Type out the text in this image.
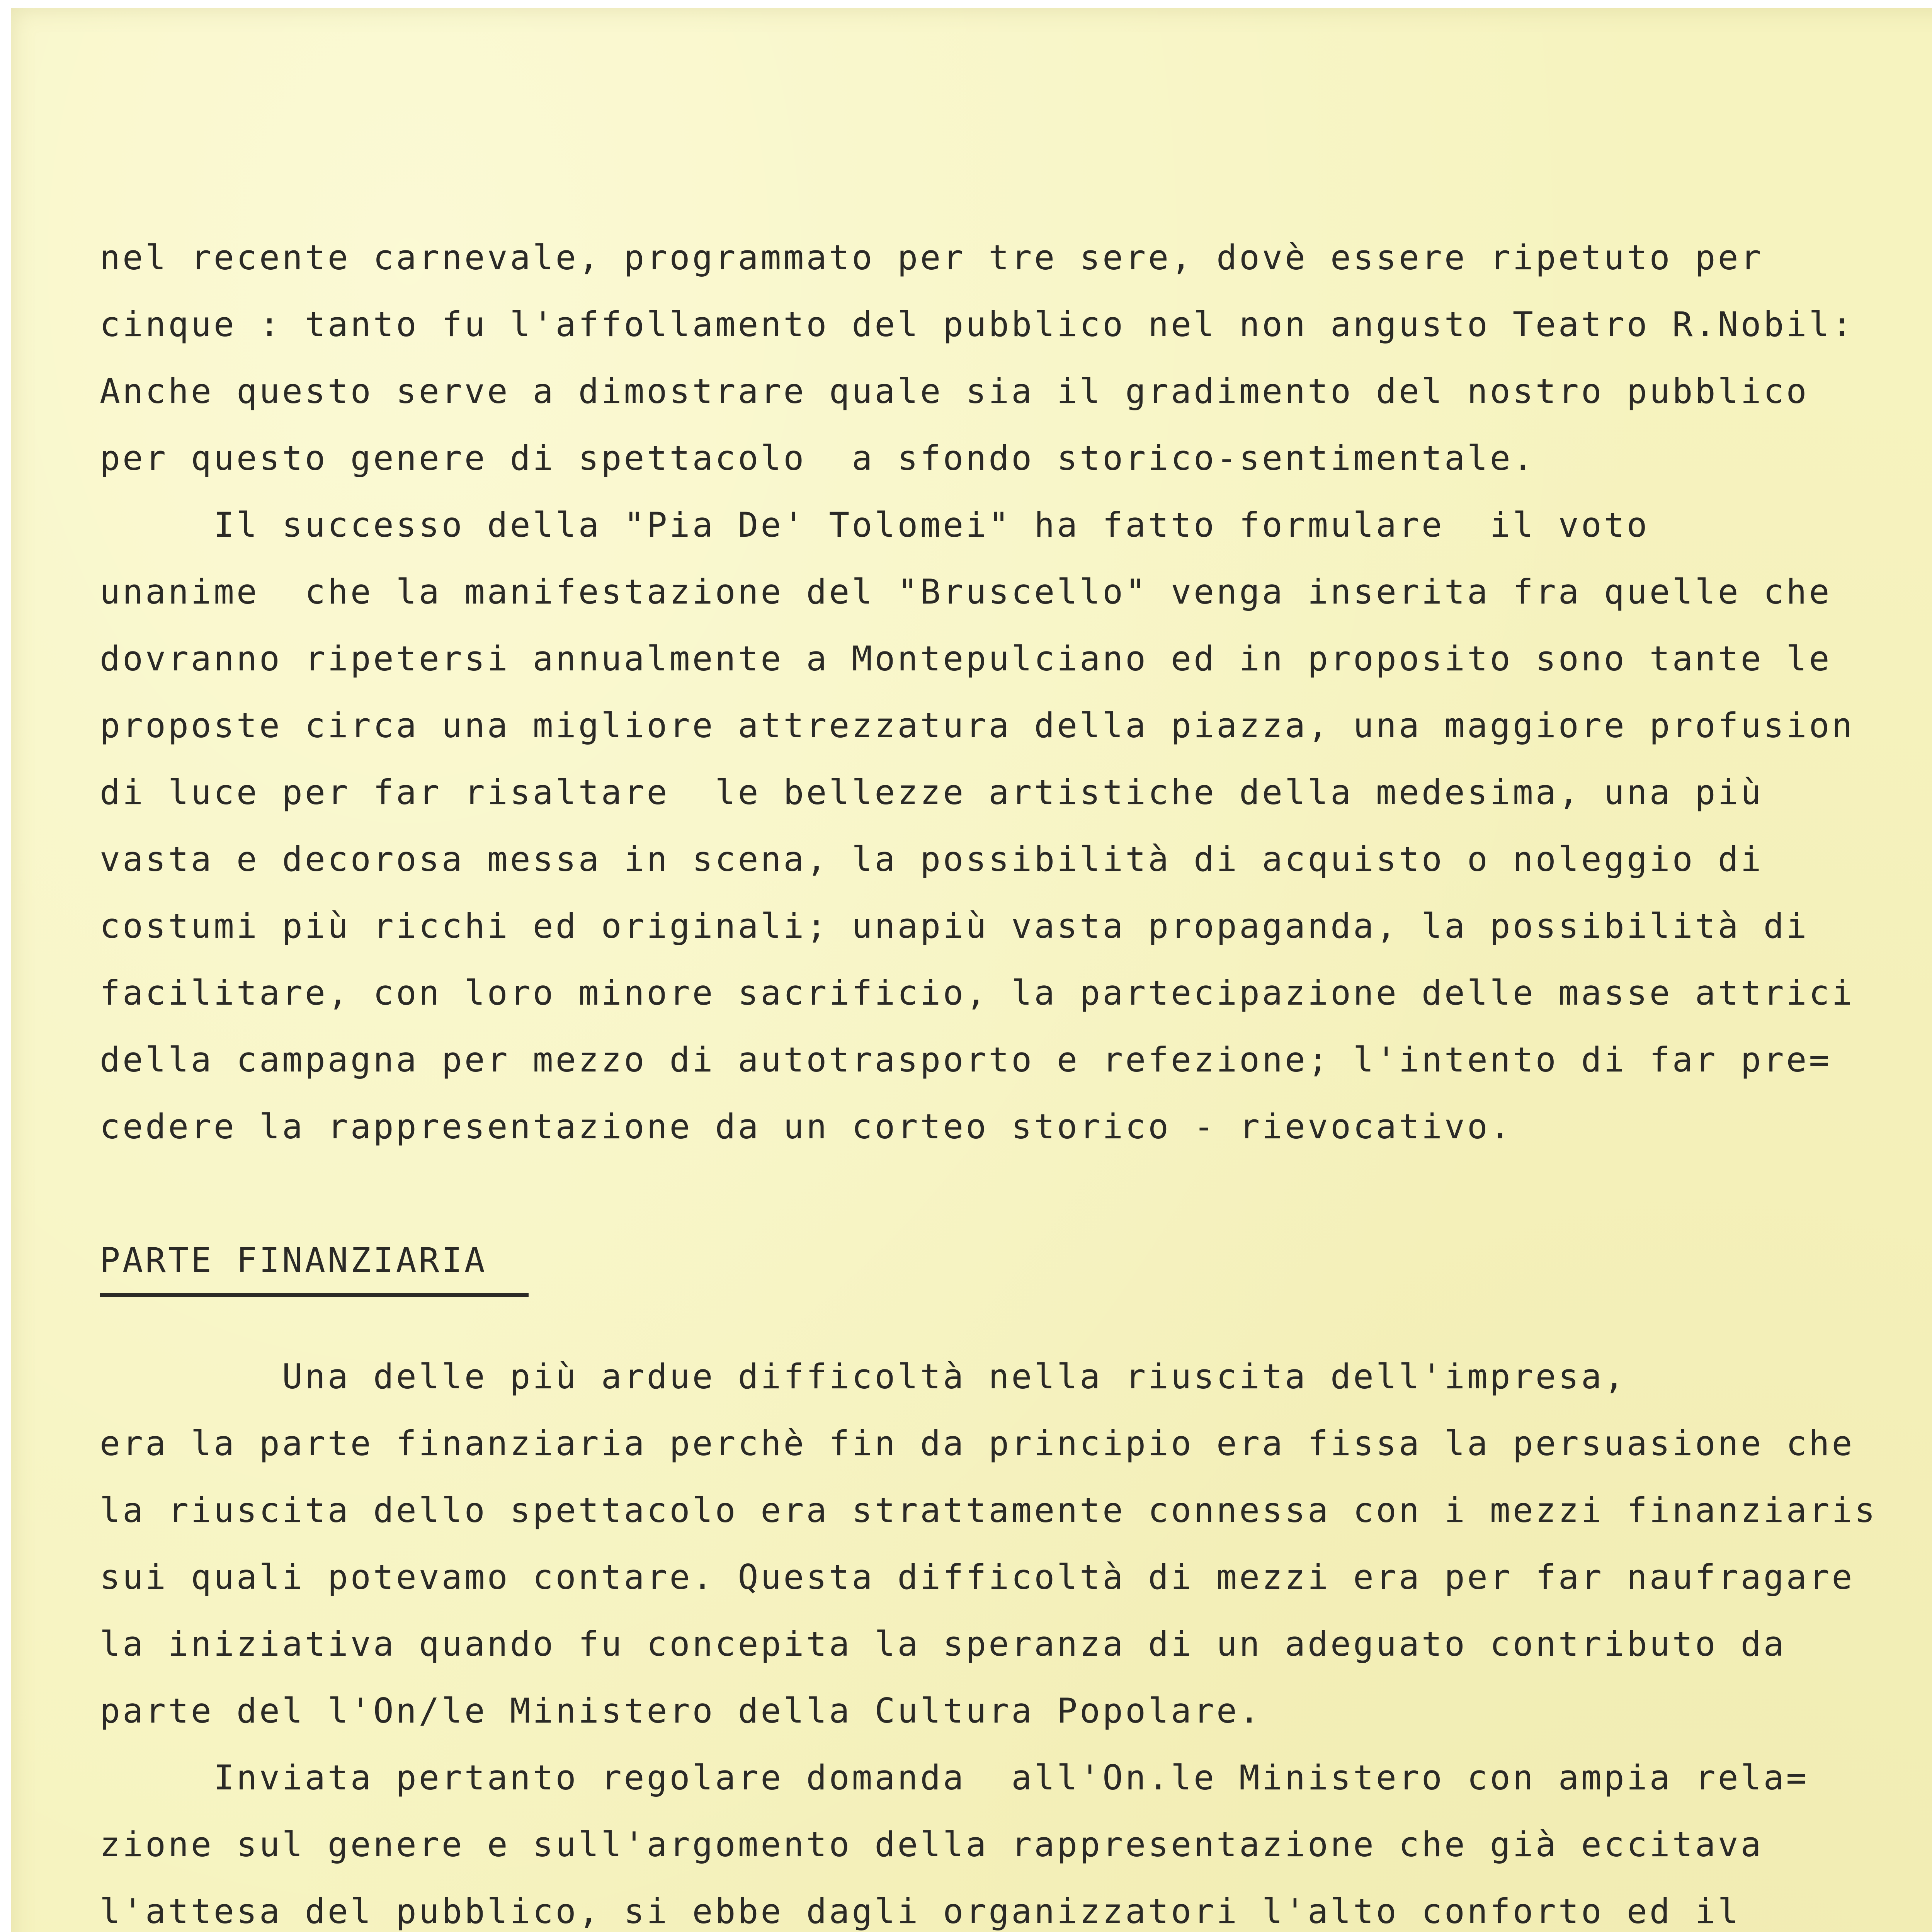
nel recente carnevale, programmato per tre sere, dovè essere ripetuto per
cinque : tanto fu l'affollamento del pubblico nel non angusto Teatro R.Nobil:
Anche questo serve a dimostrare quale sia il gradimento del nostro pubblico
per questo genere di spettacolo  a sfondo storico-sentimentale.
Il successo della "Pia De' Tolomei" ha fatto formulare  il voto
unanime  che la manifestazione del "Bruscello" venga inserita fra quelle che
dovranno ripetersi annualmente a Montepulciano ed in proposito sono tante le
proposte circa una migliore attrezzatura della piazza, una maggiore profusion
di luce per far risaltare  le bellezze artistiche della medesima, una più
vasta e decorosa messa in scena, la possibilità di acquisto o noleggio di
costumi più ricchi ed originali; unapiù vasta propaganda, la possibilità di
facilitare, con loro minore sacrificio, la partecipazione delle masse attrici
della campagna per mezzo di autotrasporto e refezione; l'intento di far pre=
cedere la rappresentazione da un corteo storico - rievocativo.
PARTE FINANZIARIA
Una delle più ardue difficoltà nella riuscita dell'impresa,
era la parte finanziaria perchè fin da principio era fissa la persuasione che
la riuscita dello spettacolo era strattamente connessa con i mezzi finanziaris
sui quali potevamo contare. Questa difficoltà di mezzi era per far naufragare
la iniziativa quando fu concepita la speranza di un adeguato contributo da
parte del l'On/le Ministero della Cultura Popolare.
Inviata pertanto regolare domanda  all'On.le Ministero con ampia rela=
zione sul genere e sull'argomento della rappresentazione che già eccitava
l'attesa del pubblico, si ebbe dagli organizzatori l'alto conforto ed il
